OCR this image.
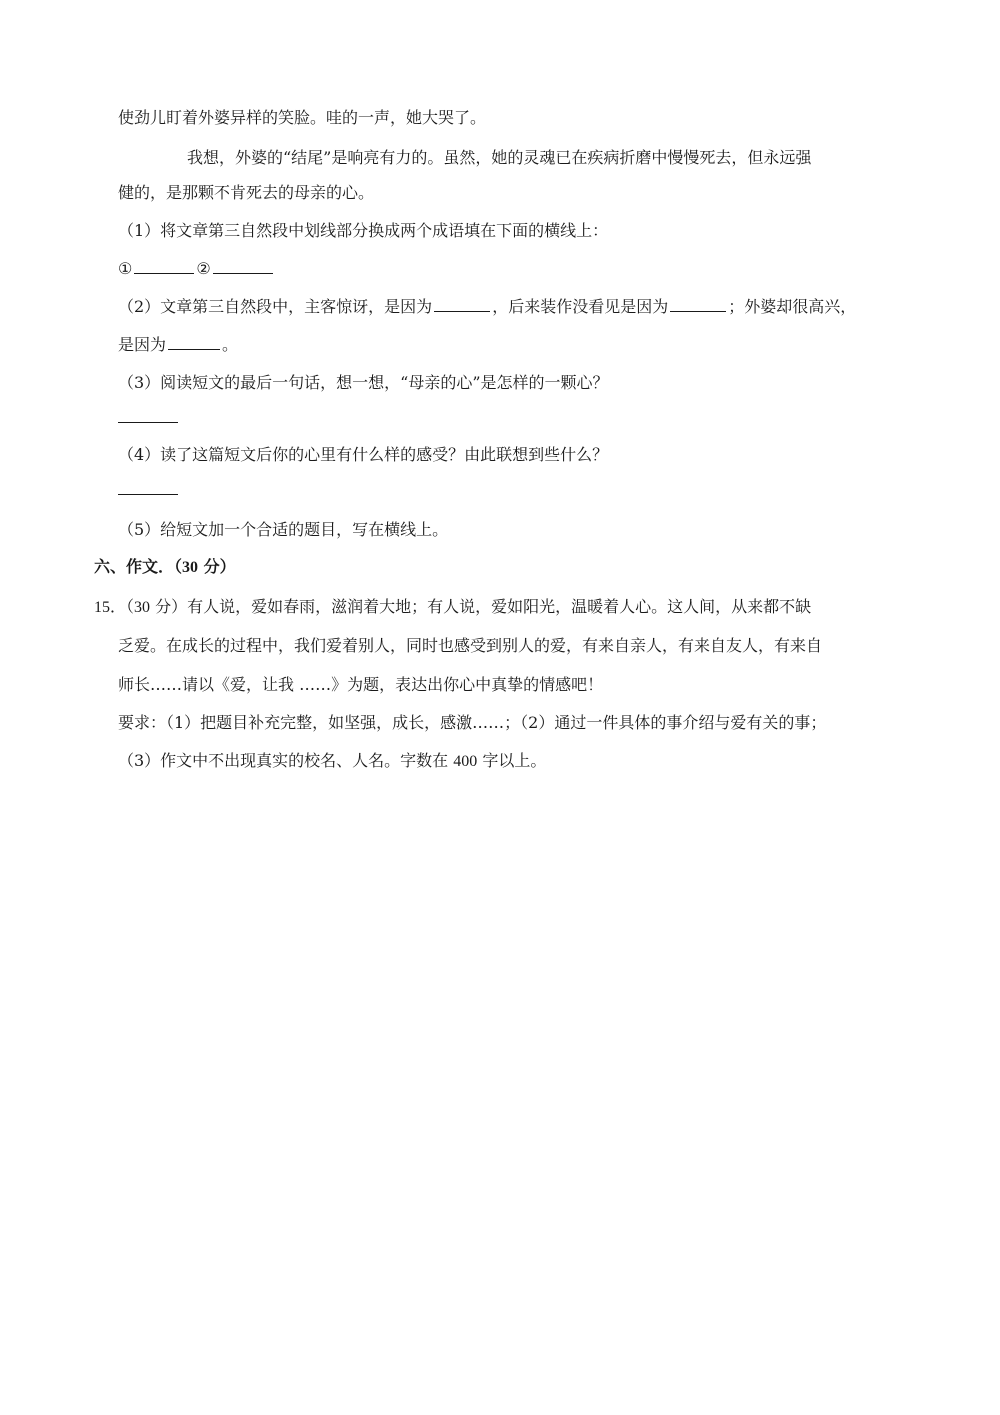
使劲儿盯着外婆异样的笑脸。哇的一声，她大哭了。
我想，外婆的“结尾”是响亮有力的。虽然，她的灵魂已在疾病折磨中慢慢死去，但永远强
健的，是那颗不肯死去的母亲的心。
（1）将文章第三自然段中划线部分换成两个成语填在下面的横线上：
①	②
（2）文章第三自然段中，主客惊讶，是因为	，后来装作没看见是因为	；外婆却很高兴，
是因为	。
（3）阅读短文的最后一句话，想一想，“母亲的心”是怎样的一颗心？
（4）读了这篇短文后你的心里有什么样的感受？由此联想到些什么？
（5）给短文加一个合适的题目，写在横线上。
六、作文．（30 分）
15．（30 分）有人说，爱如春雨，滋润着大地；有人说，爱如阳光，温暖着人心。这人间，从来都不缺
乏爱。在成长的过程中，我们爱着别人，同时也感受到别人的爱，有来自亲人，有来自友人，有来自
师长……请以《爱，让我 ……》为题，表达出你心中真挚的情感吧！
要求：（1）把题目补充完整，如坚强，成长，感激……；（2）通过一件具体的事介绍与爱有关的事；
（3）作文中不出现真实的校名、人名。字数在 400 字以上。
